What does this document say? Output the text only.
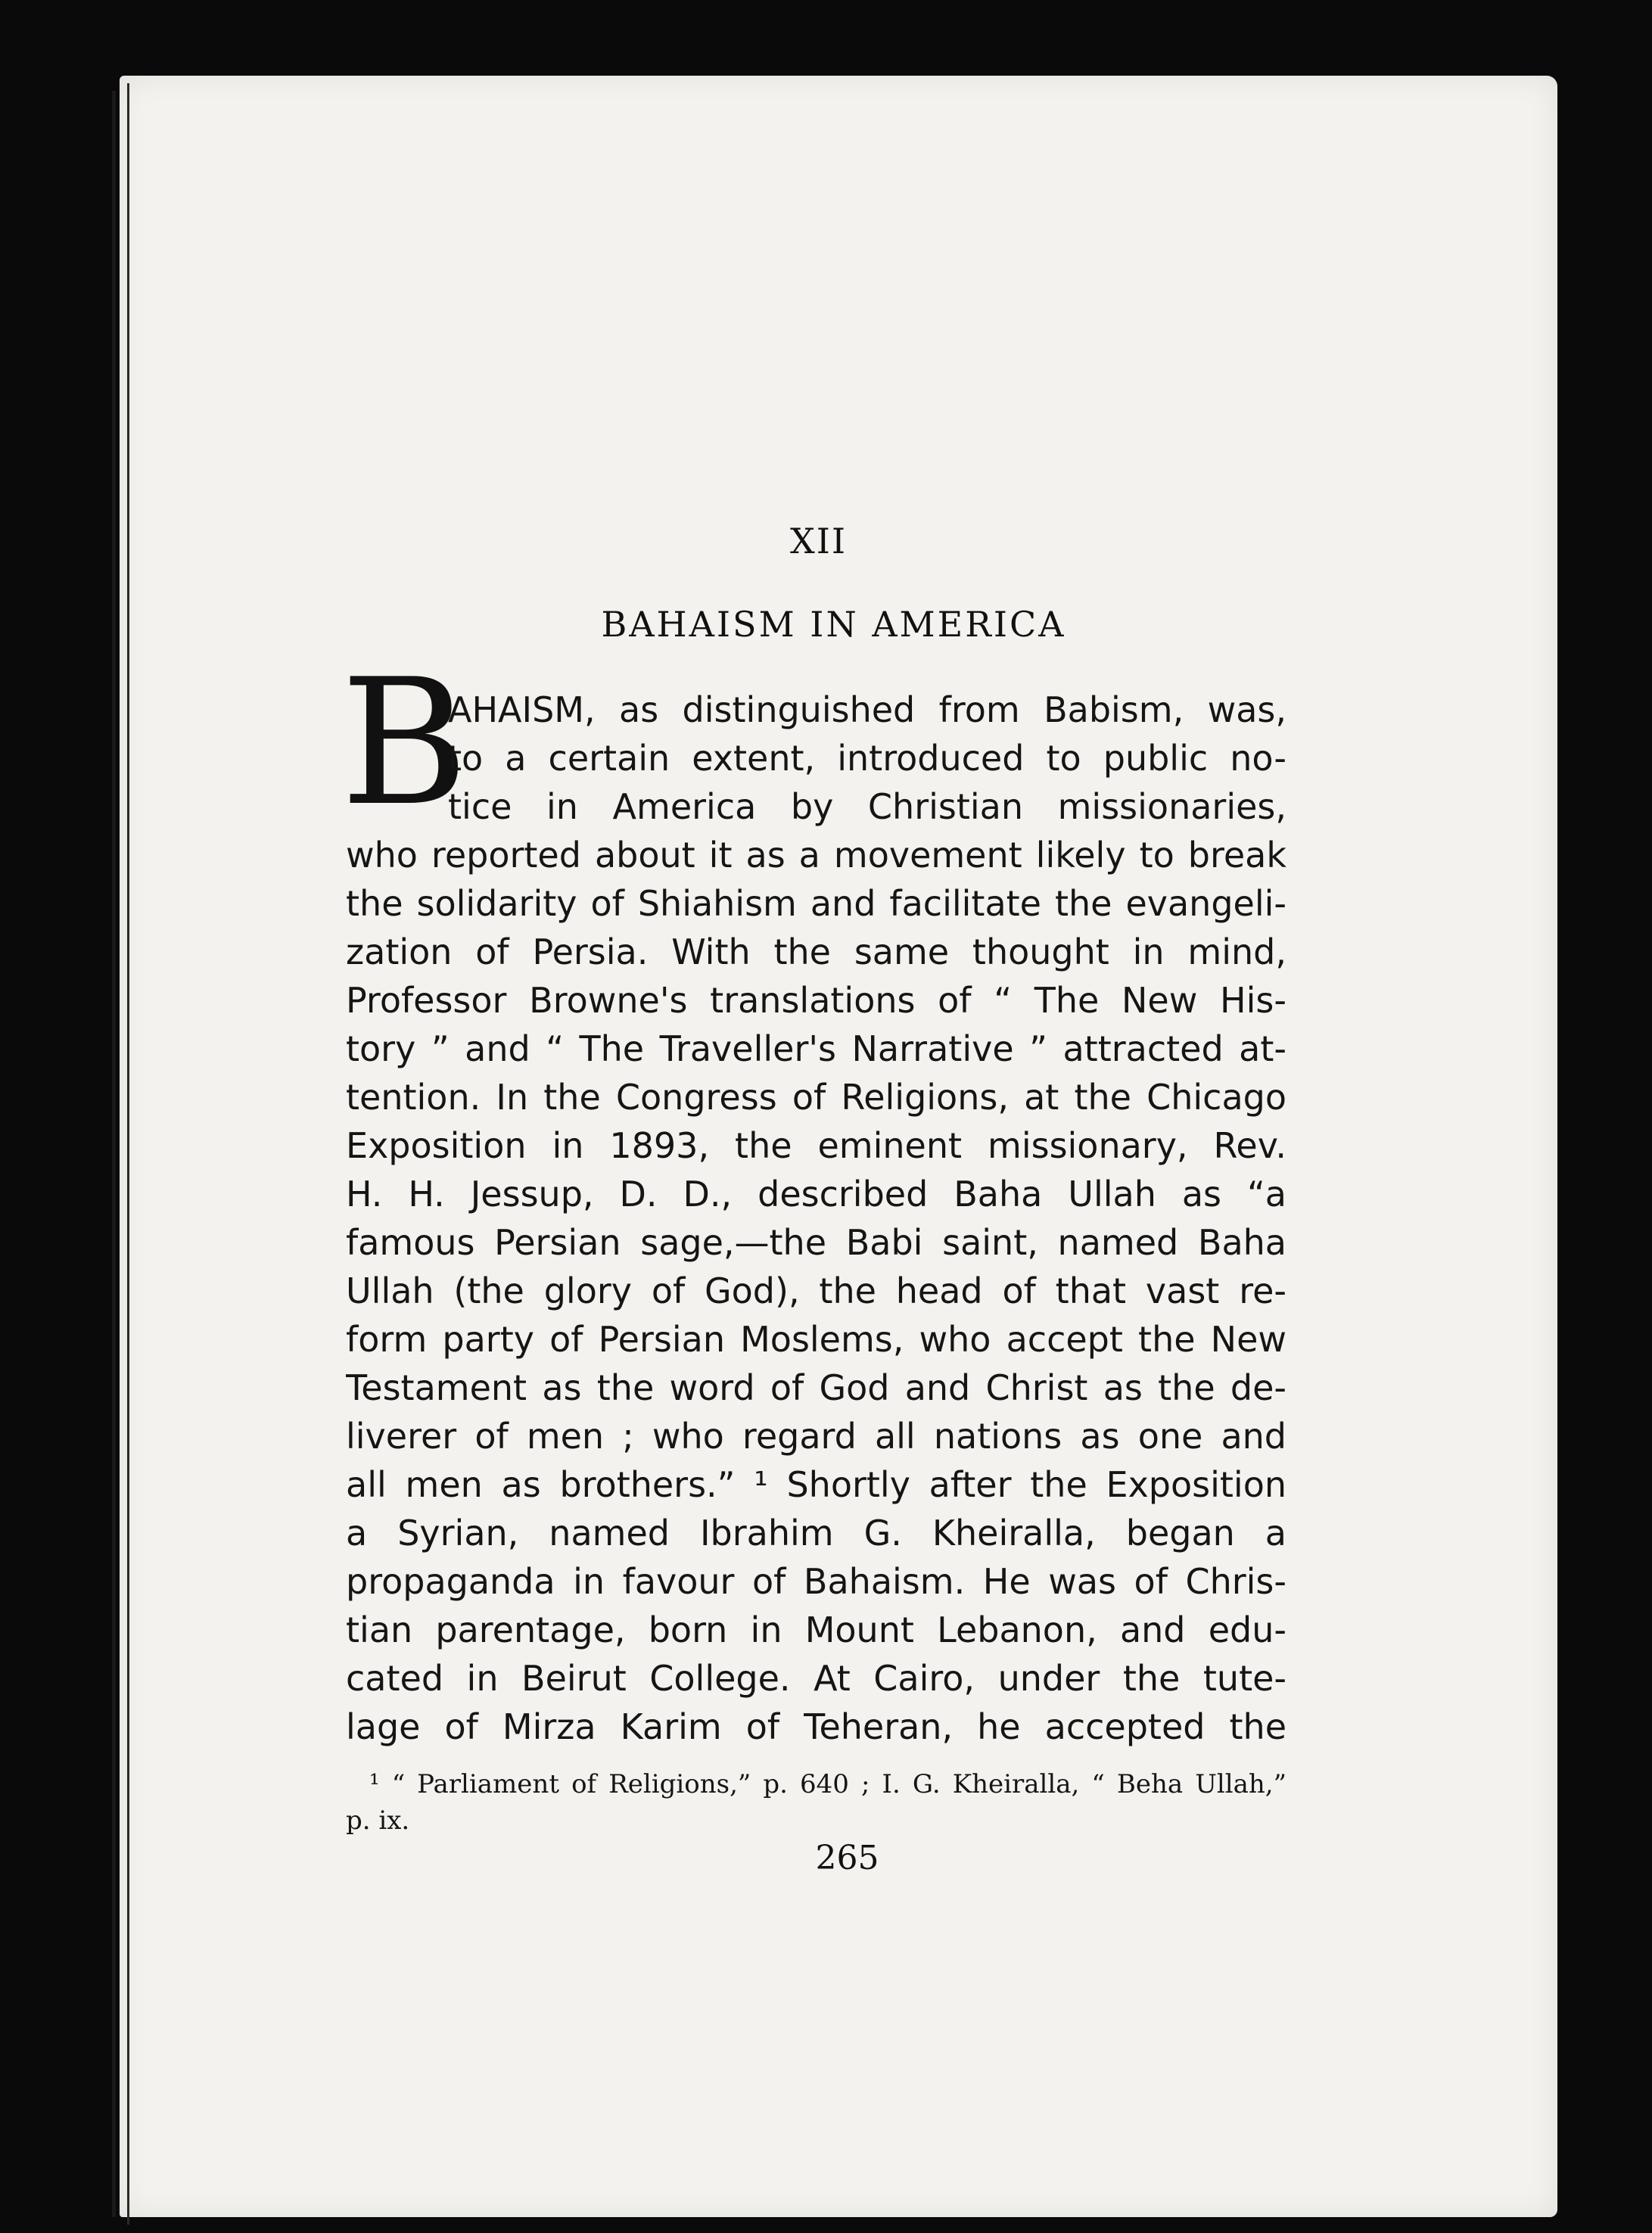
XII
BAHAISM IN AMERICA
B
AHAISM, as distinguished from Babism, was,
to a certain extent, introduced to public no-
tice in America by Christian missionaries,
who reported about it as a movement likely to break
the solidarity of Shiahism and facilitate the evangeli-
zation of Persia. With the same thought in mind,
Professor Browne's translations of “ The New His-
tory ” and “ The Traveller's Narrative ” attracted at-
tention. In the Congress of Religions, at the Chicago
Exposition in 1893, the eminent missionary, Rev.
H. H. Jessup, D. D., described Baha Ullah as “a
famous Persian sage,—the Babi saint, named Baha
Ullah (the glory of God), the head of that vast re-
form party of Persian Moslems, who accept the New
Testament as the word of God and Christ as the de-
liverer of men ; who regard all nations as one and
all men as brothers.” ¹ Shortly after the Exposition
a Syrian, named Ibrahim G. Kheiralla, began a
propaganda in favour of Bahaism. He was of Chris-
tian parentage, born in Mount Lebanon, and edu-
cated in Beirut College. At Cairo, under the tute-
lage of Mirza Karim of Teheran, he accepted the
¹ “ Parliament of Religions,” p. 640 ; I. G. Kheiralla, “ Beha Ullah,”
p. ix.
265
